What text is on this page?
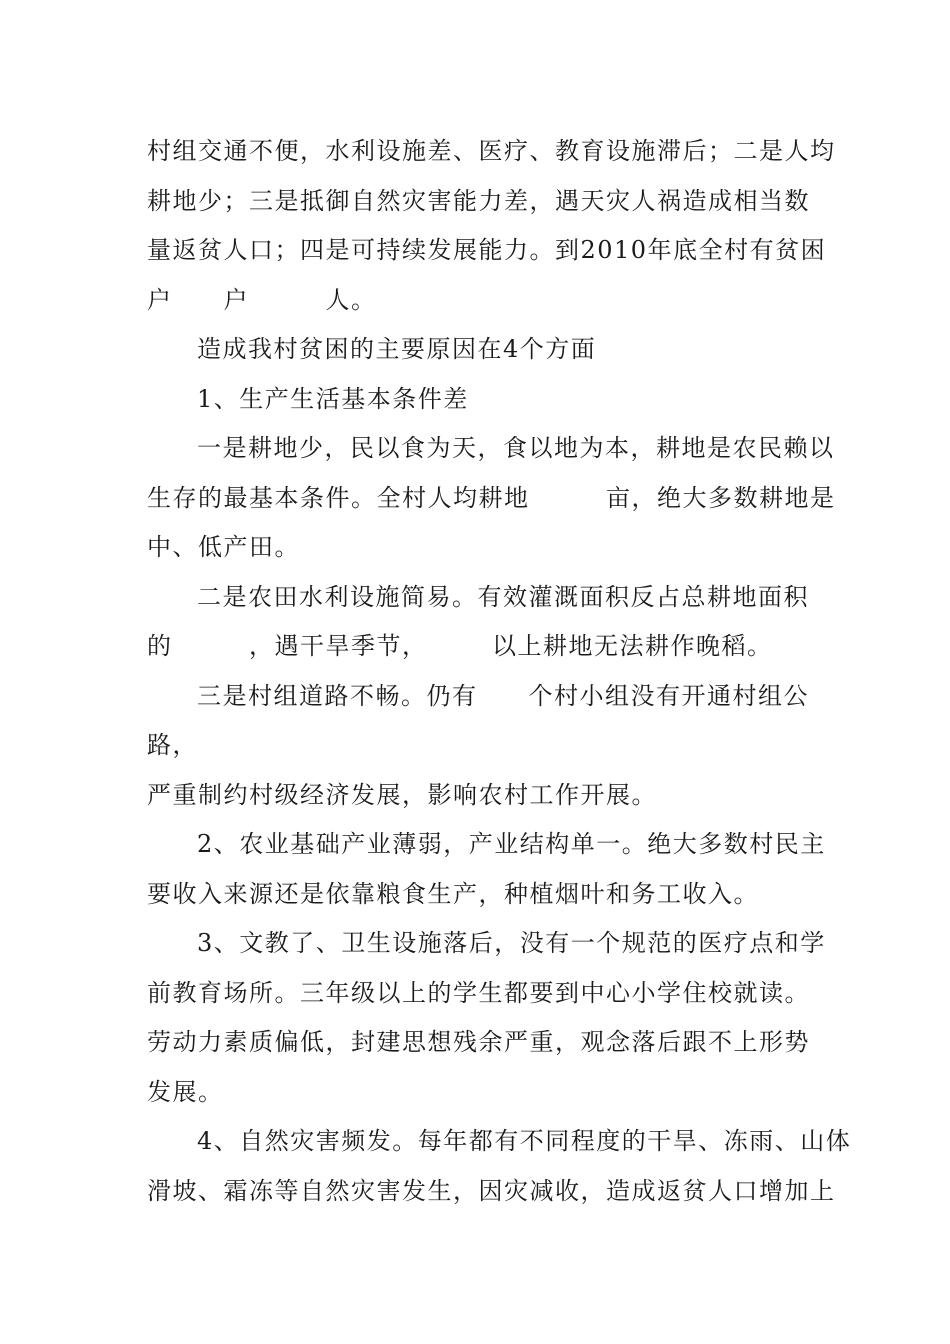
村组交通不便，水利设施差、医疗、教育设施滞后；二是人均
耕地少；三是抵御自然灾害能力差，遇天灾人祸造成相当数
量返贫人口；四是可持续发展能力。到2010年底全村有贫困
户　　户　　　人。
造成我村贫困的主要原因在4个方面
1、生产生活基本条件差
一是耕地少，民以食为天，食以地为本，耕地是农民赖以
生存的最基本条件。全村人均耕地　　　亩，绝大多数耕地是
中、低产田。
二是农田水利设施简易。有效灌溉面积反占总耕地面积
的　　　，遇干旱季节，　　　以上耕地无法耕作晚稻。
三是村组道路不畅。仍有　　个村小组没有开通村组公
路，
严重制约村级经济发展，影响农村工作开展。
2、农业基础产业薄弱，产业结构单一。绝大多数村民主
要收入来源还是依靠粮食生产，种植烟叶和务工收入。
3、文教了、卫生设施落后，没有一个规范的医疗点和学
前教育场所。三年级以上的学生都要到中心小学住校就读。
劳动力素质偏低，封建思想残余严重，观念落后跟不上形势
发展。
4、自然灾害频发。每年都有不同程度的干旱、冻雨、山体
滑坡、霜冻等自然灾害发生，因灾减收，造成返贫人口增加上
